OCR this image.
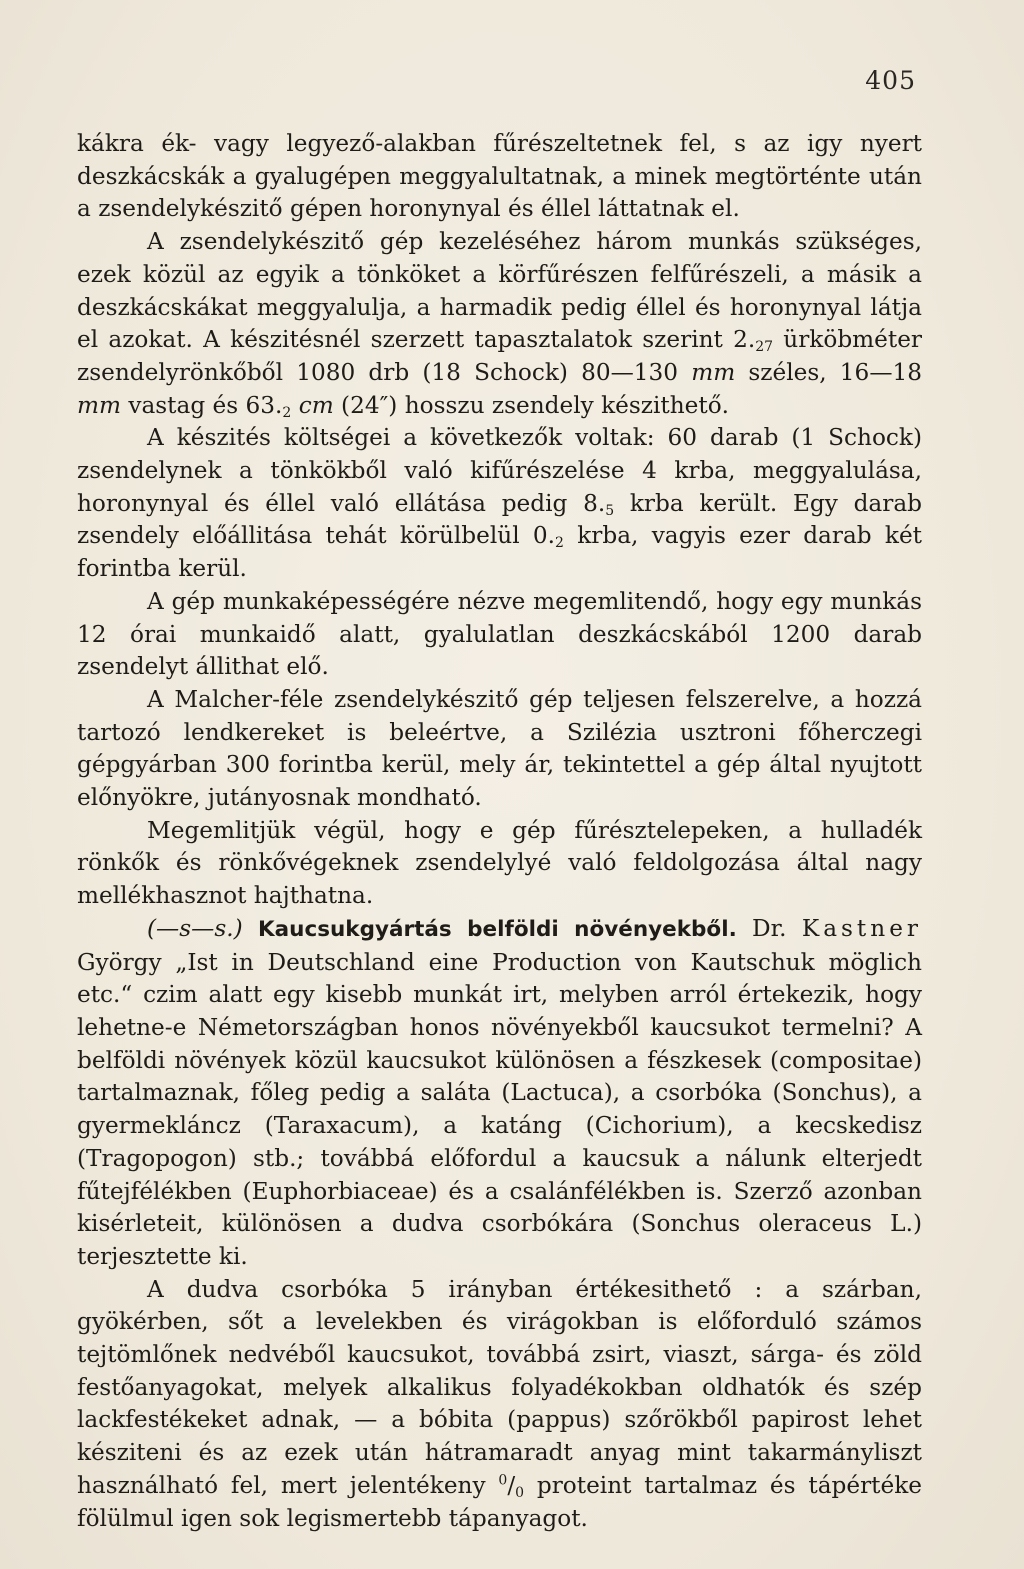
405

kákra ék- vagy legyező-alakban fűrészeltetnek fel, s az igy nyert deszkácskák a gyalugépen meggyalultatnak, a minek megtörténte után a zsendelykészitő gépen horonynyal és éllel láttatnak el.

A zsendelykészitő gép kezeléséhez három munkás szükséges, ezek közül az egyik a tönköket a körfűrészen felfűrészeli, a másik a deszkácskákat meggyalulja, a harmadik pedig éllel és horonynyal látja el azokat. A készitésnél szerzett tapasztalatok szerint $2._{27}$ ürköbméter zsendelyrönkőből 1080 drb (18 Schock) 80—130 mm széles, 16—18 mm vastag és $63._2$ cm (24″) hosszu zsendely készithető.

A készités költségei a következők voltak: 60 darab (1 Schock) zsendelynek a tönkökből való kifűrészelése 4 krba, meggyalulása, horonynyal és éllel való ellátása pedig $8._5$ krba került. Egy darab zsendely előállitása tehát körülbelül $0._2$ krba, vagyis ezer darab két forintba kerül.

A gép munkaképességére nézve megemlitendő, hogy egy munkás 12 órai munkaidő alatt, gyalulatlan deszkácskából 1200 darab zsendelyt állithat elő.

A Malcher-féle zsendelykészitő gép teljesen felszerelve, a hozzá tartozó lendkereket is beleértve, a Szilézia usztroni főherczegi gépgyárban 300 forintba kerül, mely ár, tekintettel a gép által nyujtott előnyökre, jutányosnak mondható.

Megemlitjük végül, hogy e gép fűrésztelepeken, a hulladék rönkők és rönkővégeknek zsendelylyé való feldolgozása által nagy mellékhasznot hajthatna.

(—s—s.) Kaucsukgyártás belföldi növényekből. Dr. Kastner György „Ist in Deutschland eine Production von Kautschuk möglich etc.“ czim alatt egy kisebb munkát irt, melyben arról értekezik, hogy lehetne-e Németországban honos növényekből kaucsukot termelni? A belföldi növények közül kaucsukot különösen a fészkesek (compositae) tartalmaznak, főleg pedig a saláta (Lactuca), a csorbóka (Sonchus), a gyermekláncz (Taraxacum), a katáng (Cichorium), a kecskedisz (Tragopogon) stb.; továbbá előfordul a kaucsuk a nálunk elterjedt fűtejfélékben (Euphorbiaceae) és a csalánfélékben is. Szerző azonban kisérleteit, különösen a dudva csorbókára (Sonchus oleraceus L.) terjesztette ki.

A dudva csorbóka 5 irányban értékesithető : a szárban, gyökérben, sőt a levelekben és virágokban is előforduló számos tejtömlőnek nedvéből kaucsukot, továbbá zsirt, viaszt, sárga- és zöld festőanyagokat, melyek alkalikus folyadékokban oldhatók és szép lackfestékeket adnak, — a bóbita (pappus) szőrökből papirost lehet késziteni és az ezek után hátramaradt anyag mint takarmányliszt használható fel, mert jelentékeny $^0/_0$ proteint tartalmaz és tápértéke fölülmul igen sok legismertebb tápanyagot.
